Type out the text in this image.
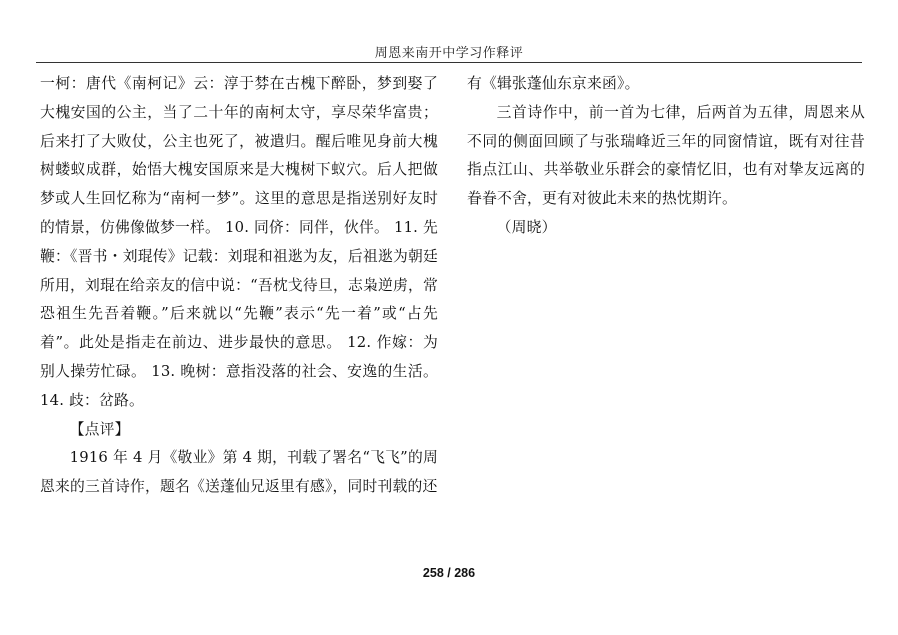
周恩来南开中学习作释评

一柯：唐代《南柯记》云：淳于棼在古槐下醉卧，梦到娶了大槐安国的公主，当了二十年的南柯太守，享尽荣华富贵；后来打了大败仗，公主也死了，被遣归。醒后唯见身前大槐树蝼蚁成群，始悟大槐安国原来是大槐树下蚁穴。后人把做梦或人生回忆称为“南柯一梦”。这里的意思是指送别好友时的情景，仿佛像做梦一样。 10. 同侪：同伴，伙伴。 11. 先鞭：《晋书・刘琨传》记载：刘琨和祖逖为友，后祖逖为朝廷所用，刘琨在给亲友的信中说：“吾枕戈待旦，志枭逆虏，常恐祖生先吾着鞭。”后来就以“先鞭”表示“先一着”或“占先着”。此处是指走在前边、进步最快的意思。 12. 作嫁：为别人操劳忙碌。 13. 晚树：意指没落的社会、安逸的生活。 14. 歧：岔路。

【点评】

1916 年 4 月《敬业》第 4 期，刊载了署名“飞飞”的周恩来的三首诗作，题名《送蓬仙兄返里有感》，同时刊载的还

有《辑张蓬仙东京来函》。

三首诗作中，前一首为七律，后两首为五律，周恩来从不同的侧面回顾了与张瑞峰近三年的同窗情谊，既有对往昔指点江山、共举敬业乐群会的豪情忆旧，也有对挚友远离的眷眷不舍，更有对彼此未来的热忱期许。

（周晓）

258 / 286
